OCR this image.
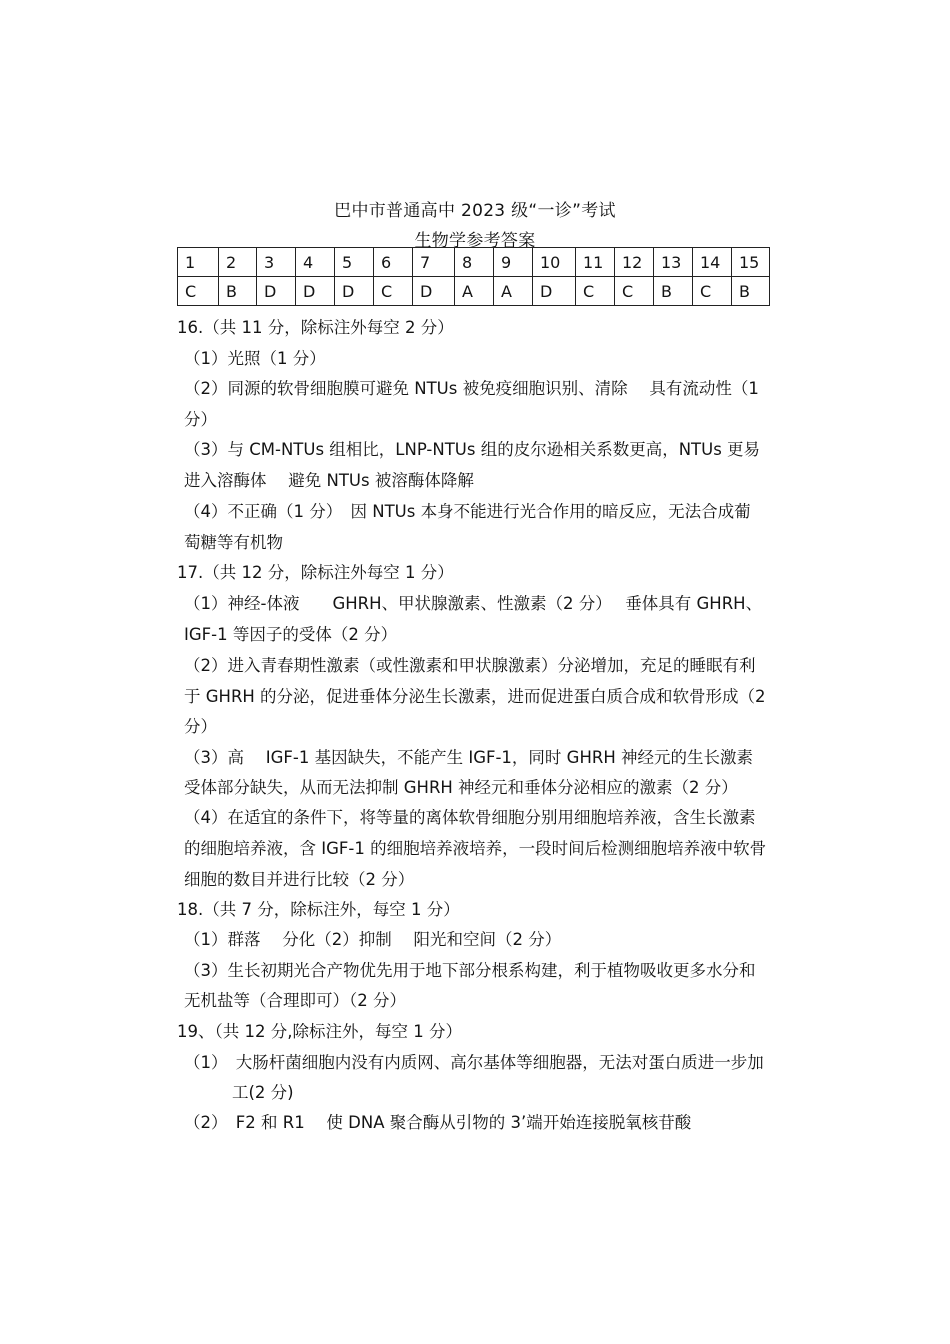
巴中市普通高中 2023 级“一诊”考试
生物学参考答案
1	2	3	4	5	6	7	8	9	10	11	12	13	14	15
C	B	D	D	D	C	D	A	A	D	C	C	B	C	B
16.（共 11 分，除标注外每空 2 分）
（1）光照（1 分）
（2）同源的软骨细胞膜可避免 NTUs 被免疫细胞识别、清除　 具有流动性（1
分）
（3）与 CM-NTUs 组相比，LNP-NTUs 组的皮尔逊相关系数更高，NTUs 更易
进入溶酶体　 避免 NTUs 被溶酶体降解
（4）不正确（1 分）　因 NTUs 本身不能进行光合作用的暗反应，无法合成葡
萄糖等有机物
17.（共 12 分，除标注外每空 1 分）
（1）神经-体液　　GHRH、甲状腺激素、性激素（2 分）　 垂体具有 GHRH、
IGF-1 等因子的受体（2 分）
（2）进入青春期性激素（或性激素和甲状腺激素）分泌增加，充足的睡眠有利
于 GHRH 的分泌，促进垂体分泌生长激素，进而促进蛋白质合成和软骨形成（2
分）
（3）高　 IGF-1 基因缺失，不能产生 IGF-1，同时 GHRH 神经元的生长激素
受体部分缺失，从而无法抑制 GHRH 神经元和垂体分泌相应的激素（2 分）
（4）在适宜的条件下，将等量的离体软骨细胞分别用细胞培养液，含生长激素
的细胞培养液，含 IGF-1 的细胞培养液培养，一段时间后检测细胞培养液中软骨
细胞的数目并进行比较（2 分）
18.（共 7 分，除标注外，每空 1 分）
（1）群落　 分化（2）抑制　 阳光和空间（2 分）
（3）生长初期光合产物优先用于地下部分根系构建，利于植物吸收更多水分和
无机盐等（合理即可）（2 分）
19、（共 12 分,除标注外，每空 1 分）
（1）　大肠杆菌细胞内没有内质网、高尔基体等细胞器，无法对蛋白质进一步加
工(2 分)
（2）　F2 和 R1　 使 DNA 聚合酶从引物的 3’端开始连接脱氧核苷酸
